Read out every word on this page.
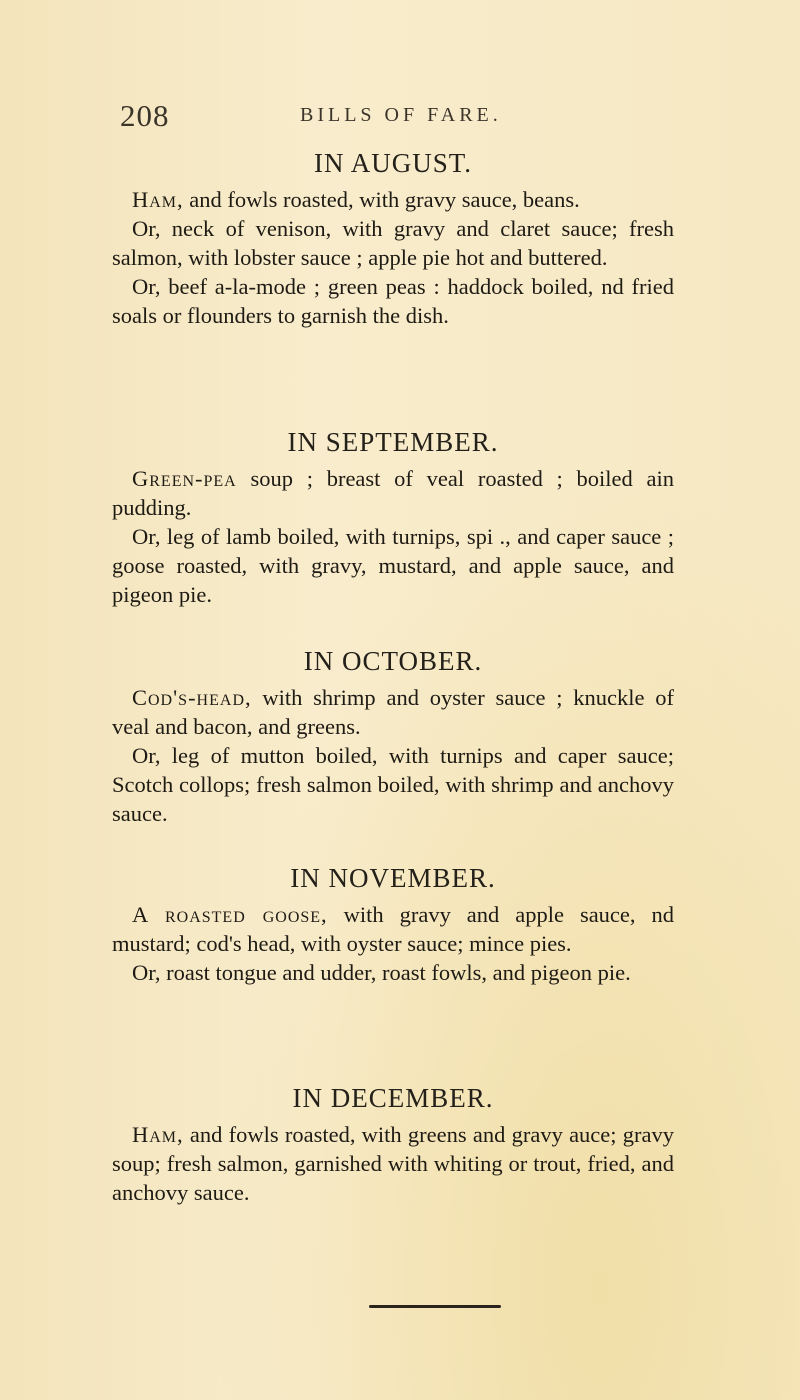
208	BILLS OF FARE.
IN AUGUST.

Ham, and fowls roasted, with gravy sauce, beans.

Or, neck of venison, with gravy and claret sauce; fresh salmon, with lobster sauce ; apple pie hot and buttered.

Or, beef a-la-mode ; green peas : haddock boiled, nd fried soals or flounders to garnish the dish.

IN SEPTEMBER.

Green-pea soup ; breast of veal roasted ; boiled ain pudding.

Or, leg of lamb boiled, with turnips, spi ., and caper sauce ; goose roasted, with gravy, mustard, and apple sauce, and pigeon pie.

IN OCTOBER.

Cod's-head, with shrimp and oyster sauce ; knuckle of veal and bacon, and greens.

Or, leg of mutton boiled, with turnips and caper sauce; Scotch collops; fresh salmon boiled, with shrimp and anchovy sauce.

IN NOVEMBER.

A roasted goose, with gravy and apple sauce, nd mustard; cod's head, with oyster sauce; mince pies.

Or, roast tongue and udder, roast fowls, and pigeon pie.

IN DECEMBER.

Ham, and fowls roasted, with greens and gravy auce; gravy soup; fresh salmon, garnished with whiting or trout, fried, and anchovy sauce.
